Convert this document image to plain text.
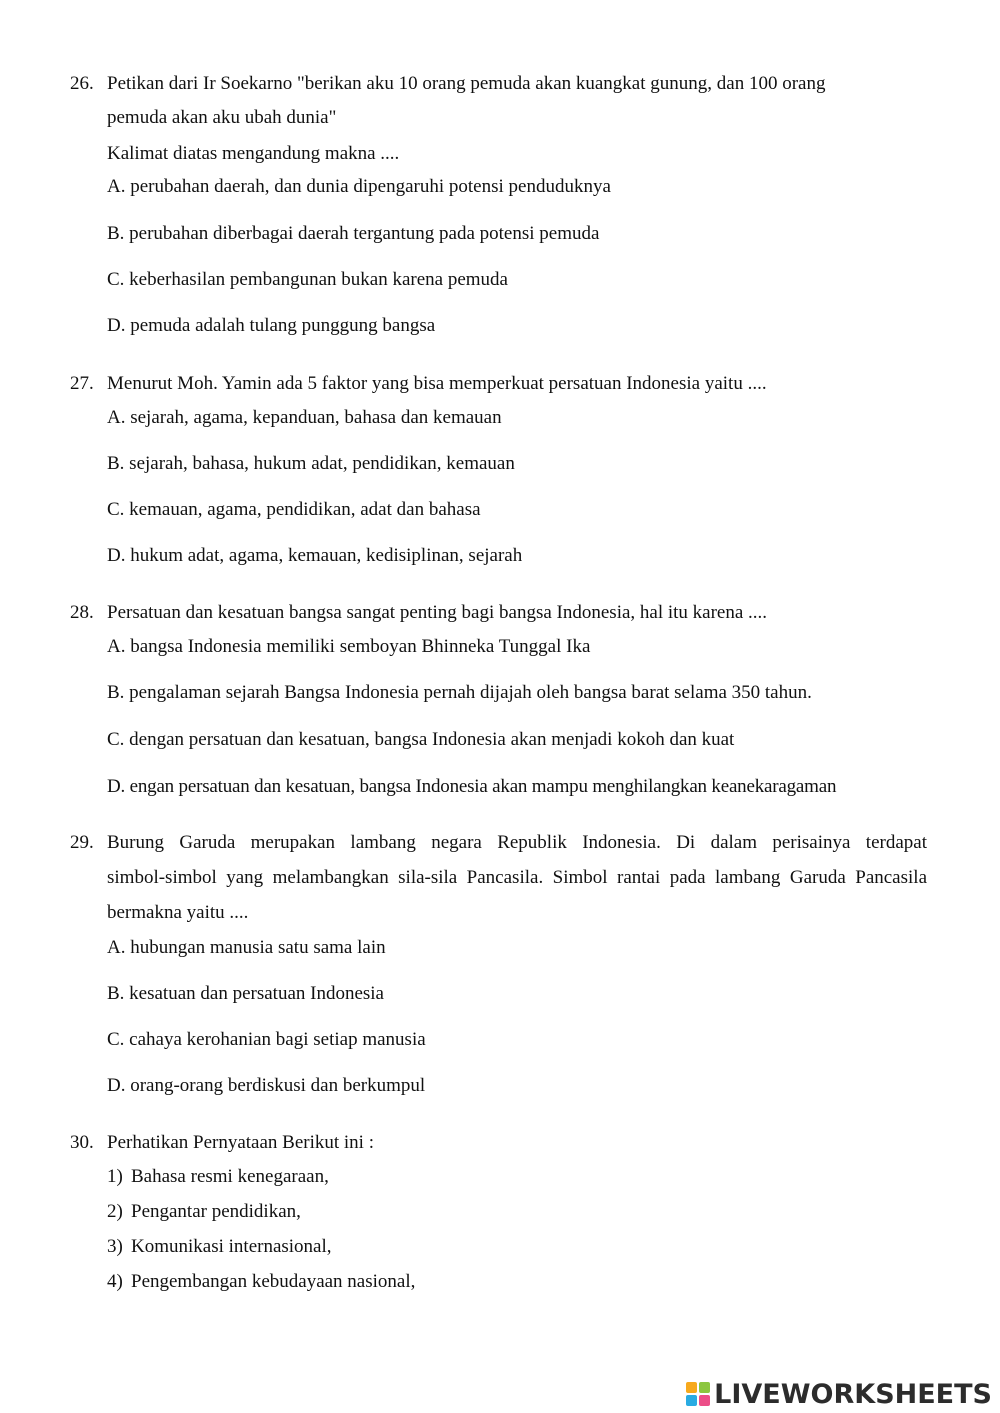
26. Petikan dari Ir Soekarno "berikan aku 10 orang pemuda akan kuangkat gunung, dan 100 orang
pemuda akan aku ubah dunia"
Kalimat diatas mengandung makna ....
A. perubahan daerah, dan dunia dipengaruhi potensi penduduknya
B. perubahan diberbagai daerah tergantung pada potensi pemuda
C. keberhasilan pembangunan bukan karena pemuda
D. pemuda adalah tulang punggung bangsa
27. Menurut Moh. Yamin ada 5 faktor yang bisa memperkuat persatuan Indonesia yaitu ....
A. sejarah, agama, kepanduan, bahasa dan kemauan
B. sejarah, bahasa, hukum adat, pendidikan, kemauan
C. kemauan, agama, pendidikan, adat dan bahasa
D. hukum adat, agama, kemauan, kedisiplinan, sejarah
28. Persatuan dan kesatuan bangsa sangat penting bagi bangsa Indonesia, hal itu karena ....
A. bangsa Indonesia memiliki semboyan Bhinneka Tunggal Ika
B. pengalaman sejarah Bangsa Indonesia pernah dijajah oleh bangsa barat selama 350 tahun.
C. dengan persatuan dan kesatuan, bangsa Indonesia akan menjadi kokoh dan kuat
D. engan persatuan dan kesatuan, bangsa Indonesia akan mampu menghilangkan keanekaragaman
29. Burung Garuda merupakan lambang negara Republik Indonesia. Di dalam perisainya terdapat
simbol-simbol yang melambangkan sila-sila Pancasila. Simbol rantai pada lambang Garuda Pancasila
bermakna yaitu ....
A. hubungan manusia satu sama lain
B. kesatuan dan persatuan Indonesia
C. cahaya kerohanian bagi setiap manusia
D. orang-orang berdiskusi dan berkumpul
30. Perhatikan Pernyataan Berikut ini :
1) Bahasa resmi kenegaraan,
2) Pengantar pendidikan,
3) Komunikasi internasional,
4) Pengembangan kebudayaan nasional,
LIVEWORKSHEETS
